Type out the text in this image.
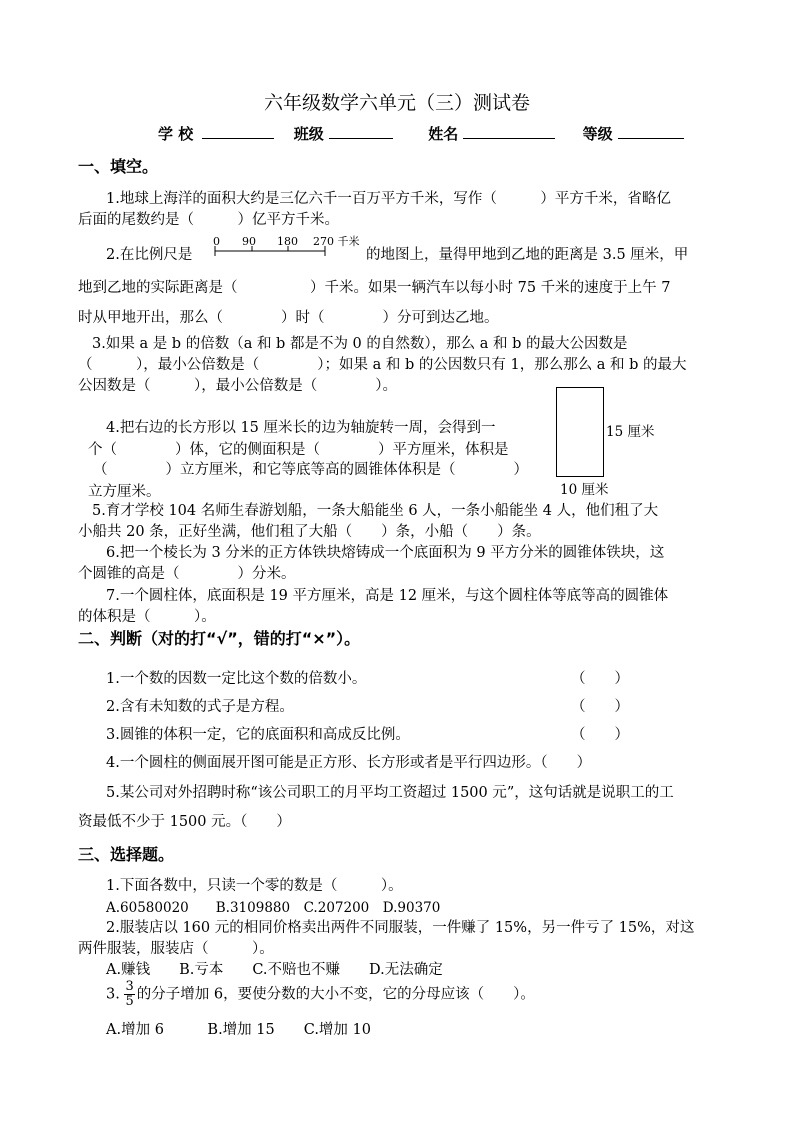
六年级数学六单元（三）测试卷
学 校	班级	姓名	等级
一、填空。
1.地球上海洋的面积大约是三亿六千一百万平方千米，写作（　　　）平方千米，省略亿
后面的尾数约是（　　　）亿平方千米。
2.在比例尺是
0 90 180 270 千米
的地图上，量得甲地到乙地的距离是 3.5 厘米，甲
地到乙地的实际距离是（　　　　　）千米。如果一辆汽车以每小时 75 千米的速度于上午 7
时从甲地开出，那么（　　　　）时（　　　　）分可到达乙地。
3.如果 a 是 b 的倍数（a 和 b 都是不为 0 的自然数），那么 a 和 b 的最大公因数是
（　　　），最小公倍数是（　　　　）；如果 a 和 b 的公因数只有 1，那么那么 a 和 b 的最大
公因数是（　　　），最小公倍数是（　　　　）。
4.把右边的长方形以 15 厘米长的边为轴旋转一周，会得到一
个（　　　　）体，它的侧面积是（　　　　）平方厘米，体积是
（　　　　）立方厘米，和它等底等高的圆锥体体积是（　　　　）
立方厘米。
15 厘米
10 厘米
5.育才学校 104 名师生春游划船，一条大船能坐 6 人，一条小船能坐 4 人，他们租了大
小船共 20 条，正好坐满，他们租了大船（　　）条，小船（　　）条。
6.把一个棱长为 3 分米的正方体铁块熔铸成一个底面积为 9 平方分米的圆锥体铁块，这
个圆锥的高是（　　　　）分米。
7.一个圆柱体，底面积是 19 平方厘米，高是 12 厘米，与这个圆柱体等底等高的圆锥体
的体积是（　　　）。
二、判断（对的打“√”，错的打“×”）。
1.一个数的因数一定比这个数的倍数小。	（　　）
2.含有未知数的式子是方程。	（　　）
3.圆锥的体积一定，它的底面积和高成反比例。	（　　）
4.一个圆柱的侧面展开图可能是正方形、长方形或者是平行四边形。（　　）
5.某公司对外招聘时称“该公司职工的月平均工资超过 1500 元”，这句话就是说职工的工
资最低不少于 1500 元。（　　）
三、选择题。
1.下面各数中，只读一个零的数是（　　　）。
A.60580020　　B.3109880　C.207200　D.90370
2.服装店以 160 元的相同价格卖出两件不同服装，一件赚了 15%，另一件亏了 15%，对这
两件服装，服装店（　　　）。
A.赚钱　　B.亏本　　C.不赔也不赚　　D.无法确定
3. $\frac{3}{5}$ 的分子增加 6，要使分数的大小不变，它的分母应该（　　）。
A.增加 6　　　B.增加 15　　C.增加 10
